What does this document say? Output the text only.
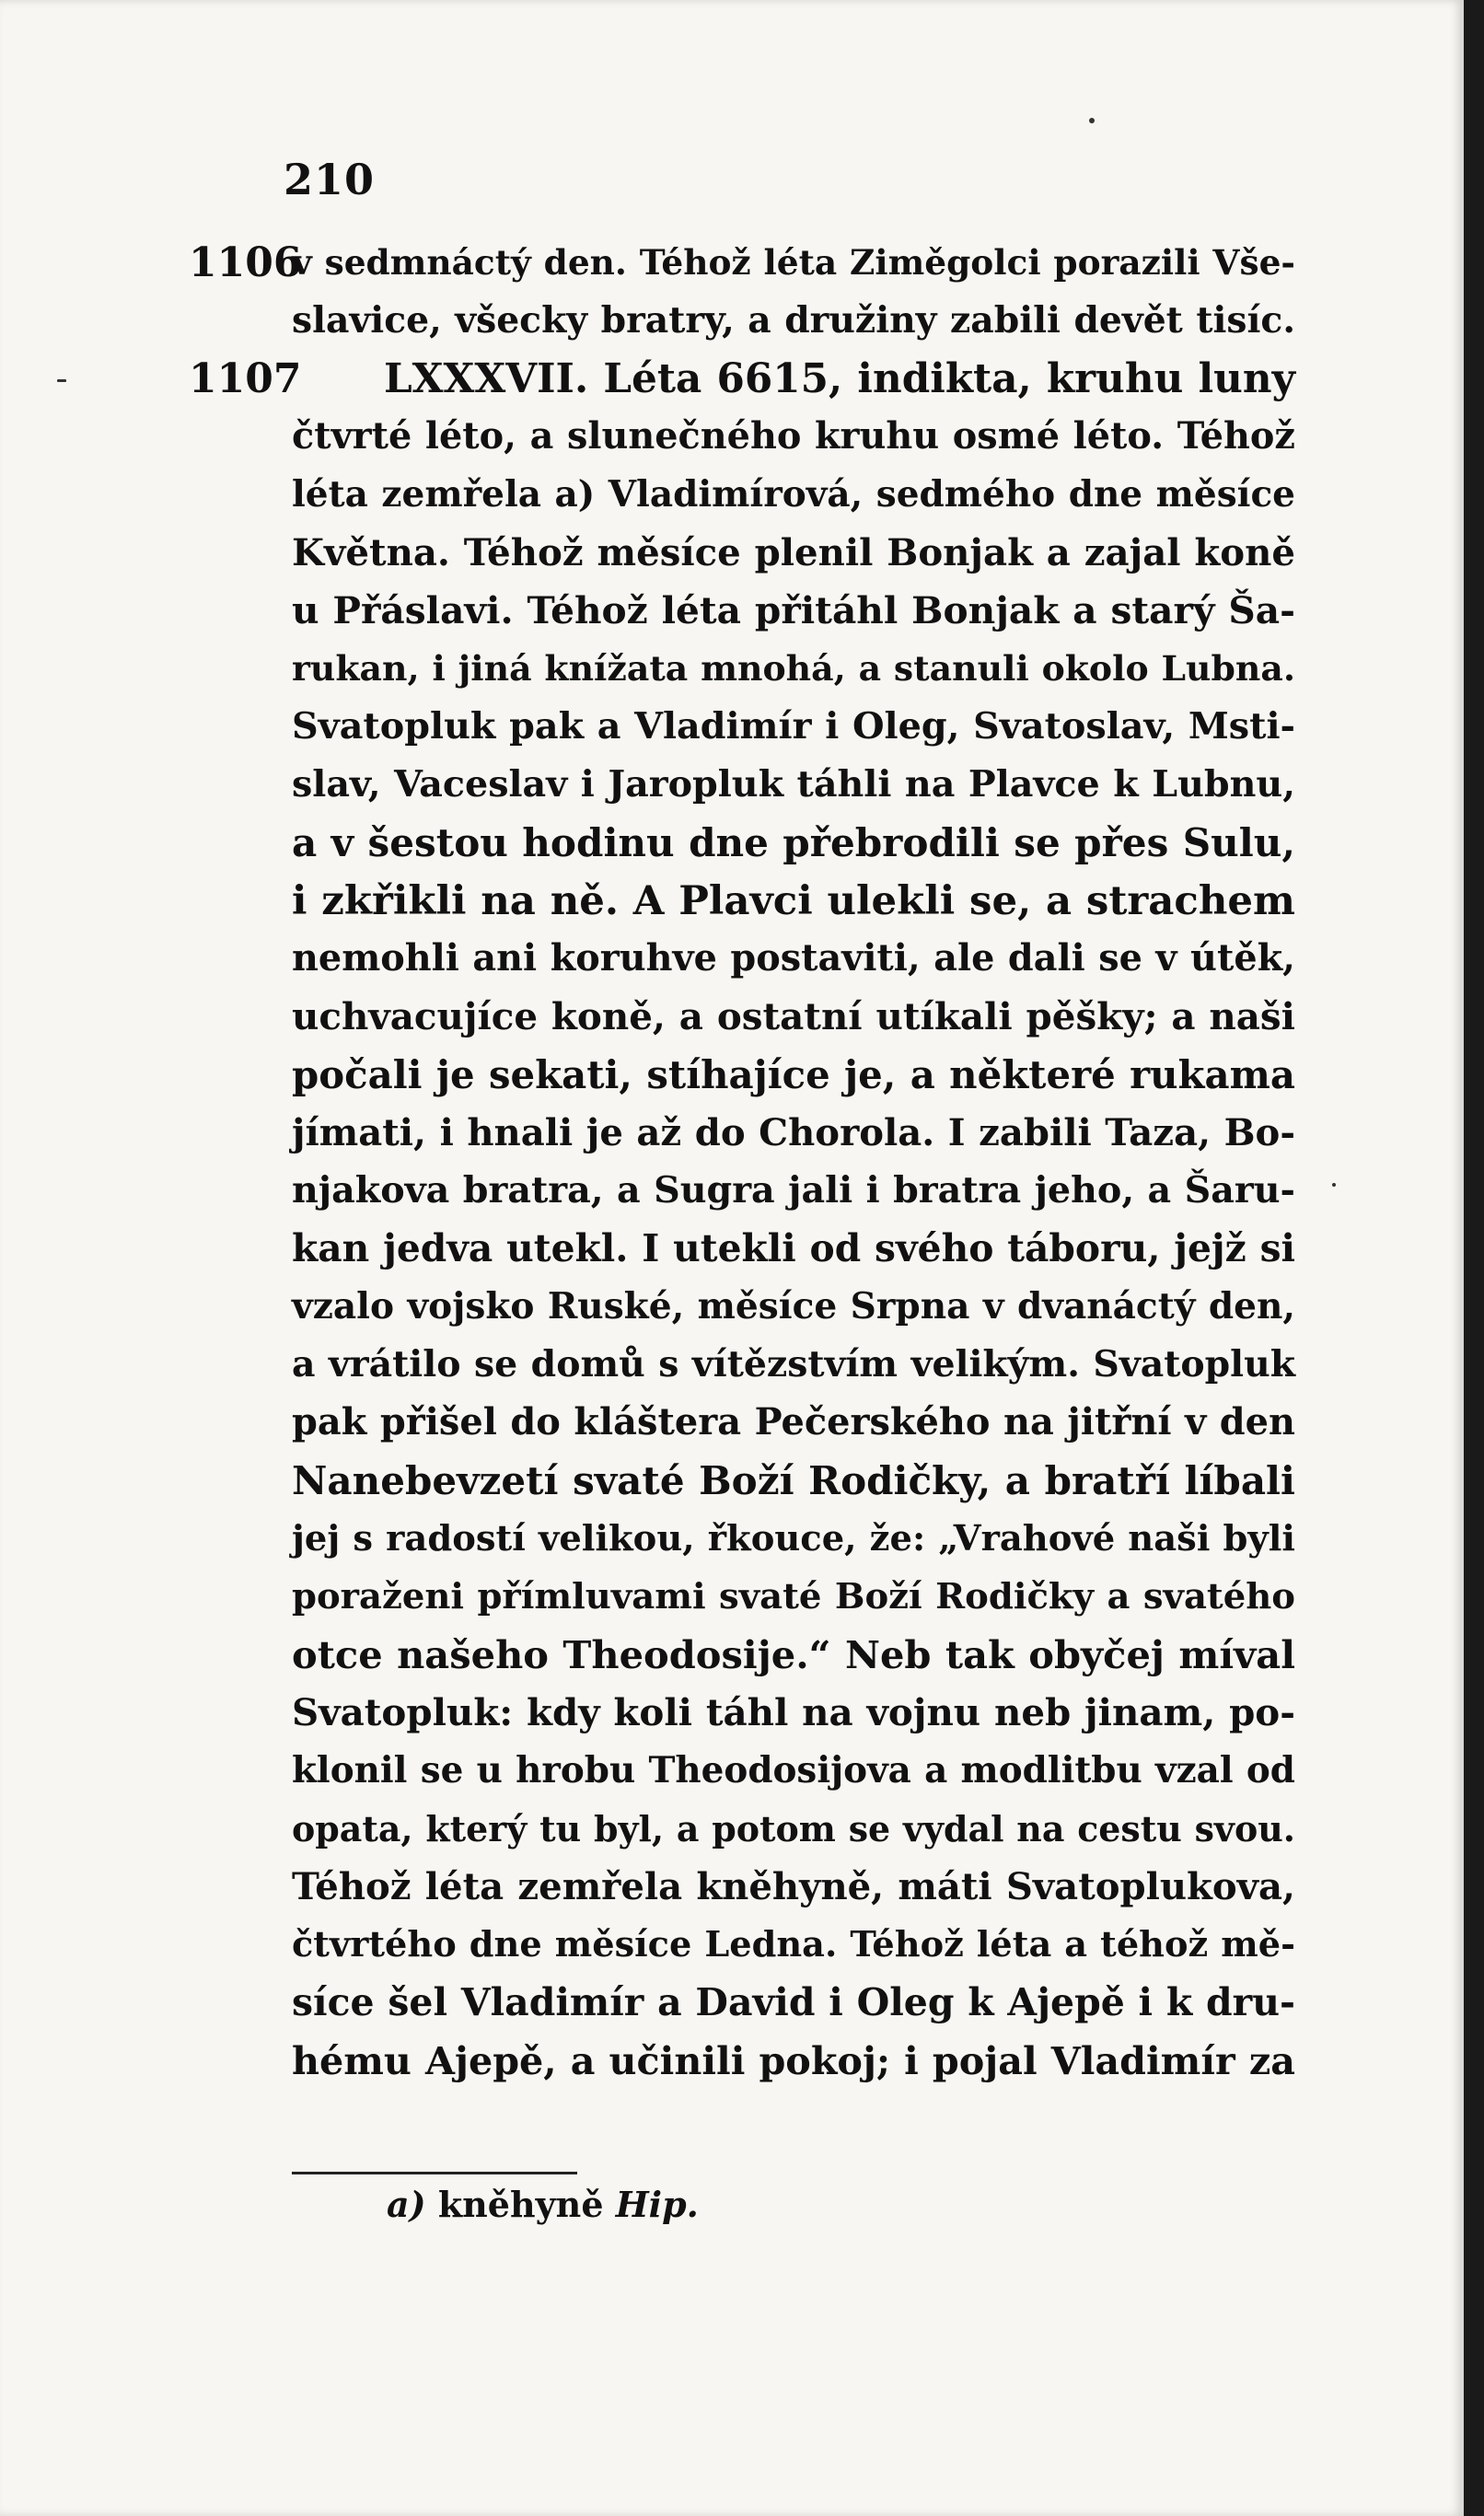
210
1106
1107
v sedmnáctý den. Téhož léta Ziměgolci porazili Vše-
slavice, všecky bratry, a družiny zabili devět tisíc.
LXXXVII. Léta 6615, indikta, kruhu luny
čtvrté léto, a slunečného kruhu osmé léto. Téhož
léta zemřela a) Vladimírová, sedmého dne měsíce
Května. Téhož měsíce plenil Bonjak a zajal koně
u Přáslavi. Téhož léta přitáhl Bonjak a starý Ša-
rukan, i jiná knížata mnohá, a stanuli okolo Lubna.
Svatopluk pak a Vladimír i Oleg, Svatoslav, Msti-
slav, Vaceslav i Jaropluk táhli na Plavce k Lubnu,
a v šestou hodinu dne přebrodili se přes Sulu,
i zkřikli na ně. A Plavci ulekli se, a strachem
nemohli ani koruhve postaviti, ale dali se v útěk,
uchvacujíce koně, a ostatní utíkali pěšky; a naši
počali je sekati, stíhajíce je, a některé rukama
jímati, i hnali je až do Chorola. I zabili Taza, Bo-
njakova bratra, a Sugra jali i bratra jeho, a Šaru-
kan jedva utekl. I utekli od svého táboru, jejž si
vzalo vojsko Ruské, měsíce Srpna v dvanáctý den,
a vrátilo se domů s vítězstvím velikým. Svatopluk
pak přišel do kláštera Pečerského na jitřní v den
Nanebevzetí svaté Boží Rodičky, a bratří líbali
jej s radostí velikou, řkouce, že: „Vrahové naši byli
poraženi přímluvami svaté Boží Rodičky a svatého
otce našeho Theodosije.“ Neb tak obyčej míval
Svatopluk: kdy koli táhl na vojnu neb jinam, po-
klonil se u hrobu Theodosijova a modlitbu vzal od
opata, který tu byl, a potom se vydal na cestu svou.
Téhož léta zemřela kněhyně, máti Svatoplukova,
čtvrtého dne měsíce Ledna. Téhož léta a téhož mě-
síce šel Vladimír a David i Oleg k Ajepě i k dru-
hému Ajepě, a učinili pokoj; i pojal Vladimír za
a) kněhyně Hip.
